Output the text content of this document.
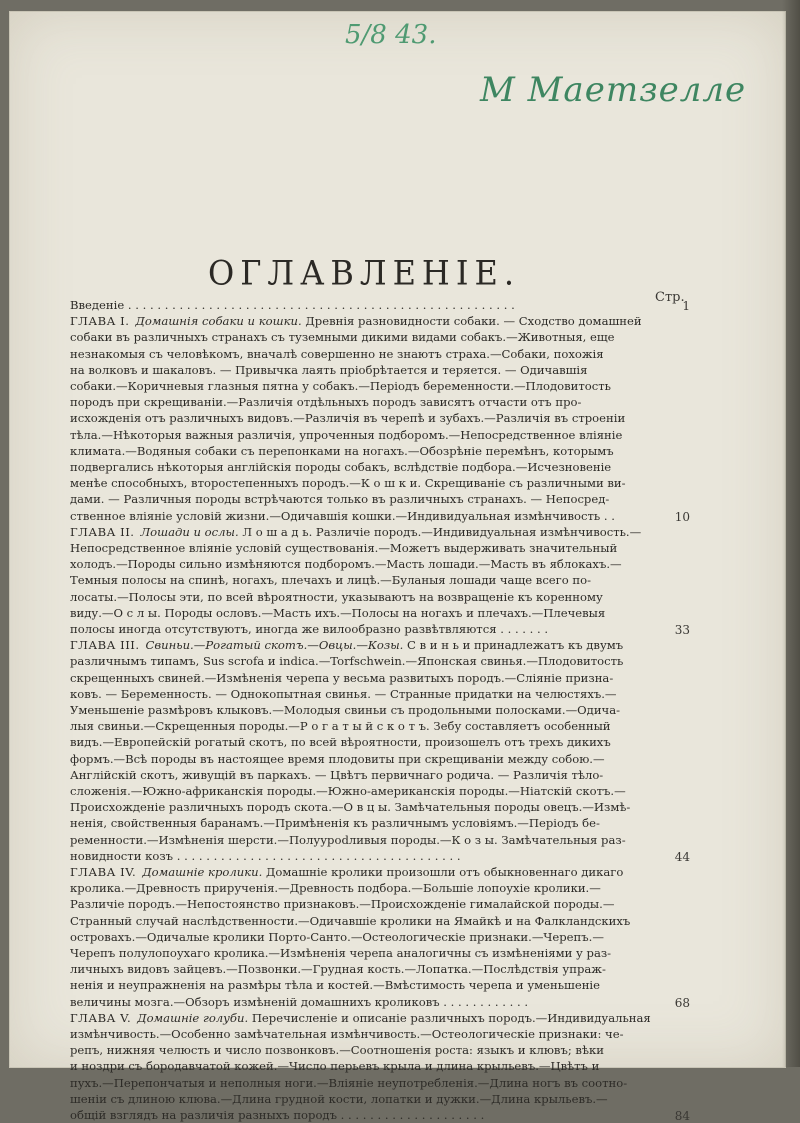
5/8 43.
М Маетзелле
ОГЛАВЛЕНІЕ.
Стр.
Введеніе . . . . . . . . . . . . . . . . . . . . . . . . . . . . . . . . . . . . . . . . . . . . . . . . . . . . .	1
ГЛАВА I. Домашнія собаки и кошки. Древнія разновидности собаки. — Сходство домашней
собаки въ различныхъ странахъ съ туземными дикими видами собакъ.—Животныя, еще
незнакомыя съ человѣкомъ, вначалѣ совершенно не знаютъ страха.—Собаки, похожія
на волковъ и шакаловъ. — Привычка лаять пріобрѣтается и теряется. — Одичавшія
собаки.—Коричневыя глазныя пятна у собакъ.—Періодъ беременности.—Плодовитость
породъ при скрещиваніи.—Различія отдѣльныхъ породъ зависятъ отчасти отъ про-
исхожденія отъ различныхъ видовъ.—Различія въ черепѣ и зубахъ.—Различія въ строеніи
тѣла.—Нѣкоторыя важныя различія, упроченныя подборомъ.—Непосредственное вліяніе
климата.—Водяныя собаки съ перепонками на ногахъ.—Обозрѣніе перемѣнъ, которымъ
подвергались нѣкоторыя англійскія породы собакъ, вслѣдствіе подбора.—Исчезновеніе
менѣе способныхъ, второстепенныхъ породъ.—К о ш к и. Скрещиваніе съ различными ви-
дами. — Различныя породы встрѣчаются только въ различныхъ странахъ. — Непосред-
ственное вліяніе условій жизни.—Одичавшія кошки.—Индивидуальная измѣнчивость . .	10
ГЛАВА II. Лошади и ослы. Л о ш а д ь. Различіе породъ.—Индивидуальная измѣнчивость.—
Непосредственное вліяніе условій существованія.—Можетъ выдерживать значительный
холодъ.—Породы сильно измѣняются подборомъ.—Масть лошади.—Масть въ яблокахъ.—
Темныя полосы на спинѣ, ногахъ, плечахъ и лицѣ.—Буланыя лошади чаще всего по-
лосаты.—Полосы эти, по всей вѣроятности, указываютъ на возвращеніе къ коренному
виду.—О с л ы. Породы ословъ.—Масть ихъ.—Полосы на ногахъ и плечахъ.—Плечевыя
полосы иногда отсутствуютъ, иногда же вилообразно развѣтвляются . . . . . . .	33
ГЛАВА III. Свиньи.—Рогатый скотъ.—Овцы.—Козы. С в и н ь и принадлежатъ къ двумъ
различнымъ типамъ, Sus scrofa и indica.—Torfschwein.—Японская свинья.—Плодовитость
скрещенныхъ свиней.—Измѣненія черепа у весьма развитыхъ породъ.—Сліяніе призна-
ковъ. — Беременность. — Однокопытная свинья. — Странные придатки на челюстяхъ.—
Уменьшеніе размѣровъ клыковъ.—Молодыя свиньи съ продольными полосками.—Одича-
лыя свиньи.—Скрещенныя породы.—Р о г а т ы й с к о т ъ. Зебу составляетъ особенный
видъ.—Европейскій рогатый скотъ, по всей вѣроятности, произошелъ отъ трехъ дикихъ
формъ.—Всѣ породы въ настоящее время плодовиты при скрещиваніи между собою.—
Англійскій скотъ, живущій въ паркахъ. — Цвѣтъ первичнаго родича. — Различія тѣло-
сложенія.—Южно-африканскія породы.—Южно-американскія породы.—Ніатскій скотъ.—
Происхожденіе различныхъ породъ скота.—О в ц ы. Замѣчательныя породы овецъ.—Измѣ-
ненія, свойственныя баранамъ.—Примѣненія къ различнымъ условіямъ.—Періодъ бе-
ременности.—Измѣненія шерсти.—Полуурodливыя породы.—К о з ы. Замѣчательныя раз-
новидности козъ . . . . . . . . . . . . . . . . . . . . . . . . . . . . . . . . . . . . . . .	44
ГЛАВА IV. Домашніе кролики. Домашніе кролики произошли отъ обыкновеннаго дикаго
кролика.—Древность прирученія.—Древность подбора.—Большіе лопоухіе кролики.—
Различіе породъ.—Непостоянство признаковъ.—Происхожденіе гималайской породы.—
Странный случай наслѣдственности.—Одичавшіе кролики на Ямайкѣ и на Фалкландскихъ
островахъ.—Одичалые кролики Порто-Санто.—Остеологическіе признаки.—Черепъ.—
Черепъ полулопоухаго кролика.—Измѣненія черепа аналогичны съ измѣненіями у раз-
личныхъ видовъ зайцевъ.—Позвонки.—Грудная кость.—Лопатка.—Послѣдствія упраж-
ненія и неупражненія на размѣры тѣла и костей.—Вмѣстимость черепа и уменьшеніе
величины мозга.—Обзоръ измѣненій домашнихъ кроликовъ . . . . . . . . . . . .	68
ГЛАВА V. Домашніе голуби. Перечисленіе и описаніе различныхъ породъ.—Индивидуальная
измѣнчивость.—Особенно замѣчательная измѣнчивость.—Остеологическіе признаки: че-
репъ, нижняя челюсть и число позвонковъ.—Соотношенія роста: языкъ и клювъ; вѣки
и ноздри съ бородавчатой кожей.—Число перьевъ крыла и длина крыльевъ.—Цвѣтъ и
пухъ.—Перепончатыя и неполныя ноги.—Вліяніе неупотребленія.—Длина ногъ въ соотно-
шеніи съ длиною клюва.—Длина грудной кости, лопатки и дужки.—Длина крыльевъ.—
общій взглядъ на различія разныхъ породъ . . . . . . . . . . . . . . . . . . . .	84
